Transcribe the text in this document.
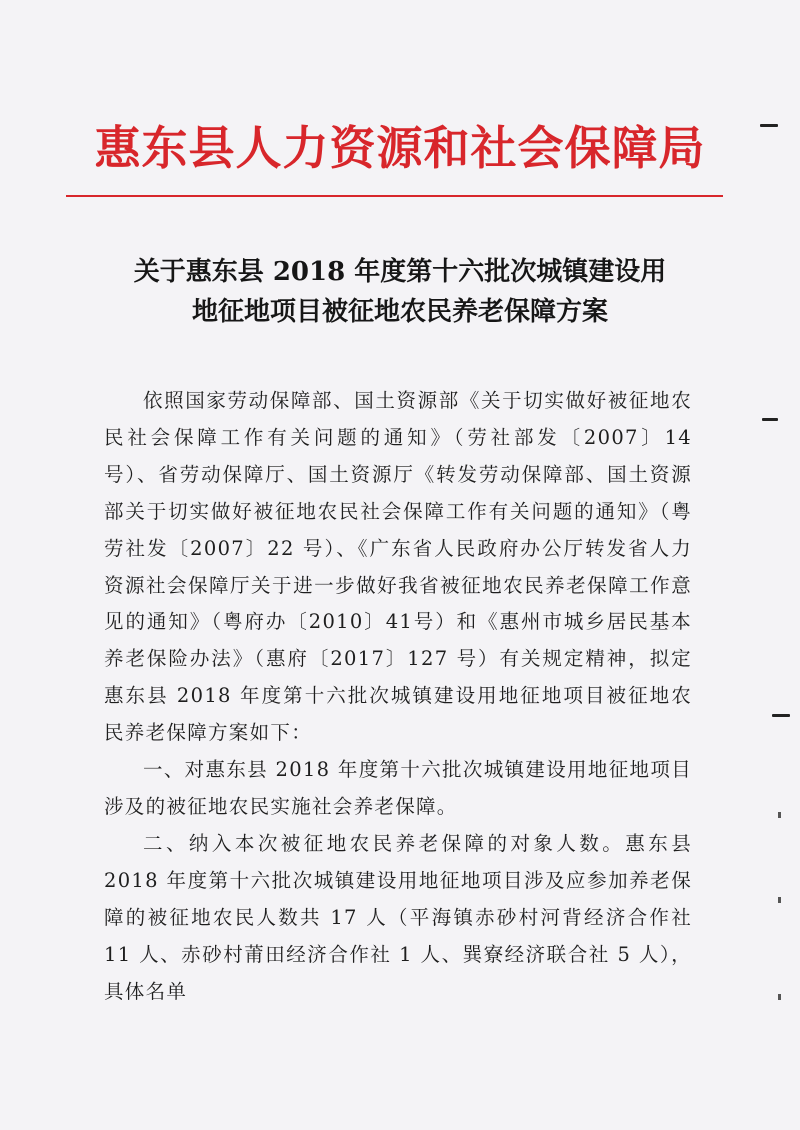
惠东县人力资源和社会保障局
关于惠东县 2018 年度第十六批次城镇建设用
地征地项目被征地农民养老保障方案

依照国家劳动保障部、国土资源部《关于切实做好被征地农民社会保障工作有关问题的通知》（劳社部发〔2007〕14 号）、省劳动保障厅、国土资源厅《转发劳动保障部、国土资源部关于切实做好被征地农民社会保障工作有关问题的通知》（粤劳社发〔2007〕22 号）、《广东省人民政府办公厅转发省人力资源社会保障厅关于进一步做好我省被征地农民养老保障工作意见的通知》（粤府办〔2010〕41号）和《惠州市城乡居民基本养老保险办法》（惠府〔2017〕127 号）有关规定精神，拟定惠东县 2018 年度第十六批次城镇建设用地征地项目被征地农民养老保障方案如下：

一、对惠东县 2018 年度第十六批次城镇建设用地征地项目涉及的被征地农民实施社会养老保障。

二、纳入本次被征地农民养老保障的对象人数。惠东县 2018 年度第十六批次城镇建设用地征地项目涉及应参加养老保障的被征地农民人数共 17 人（平海镇赤砂村河背经济合作社 11 人、赤砂村莆田经济合作社 1 人、巽寮经济联合社 5 人），具体名单
